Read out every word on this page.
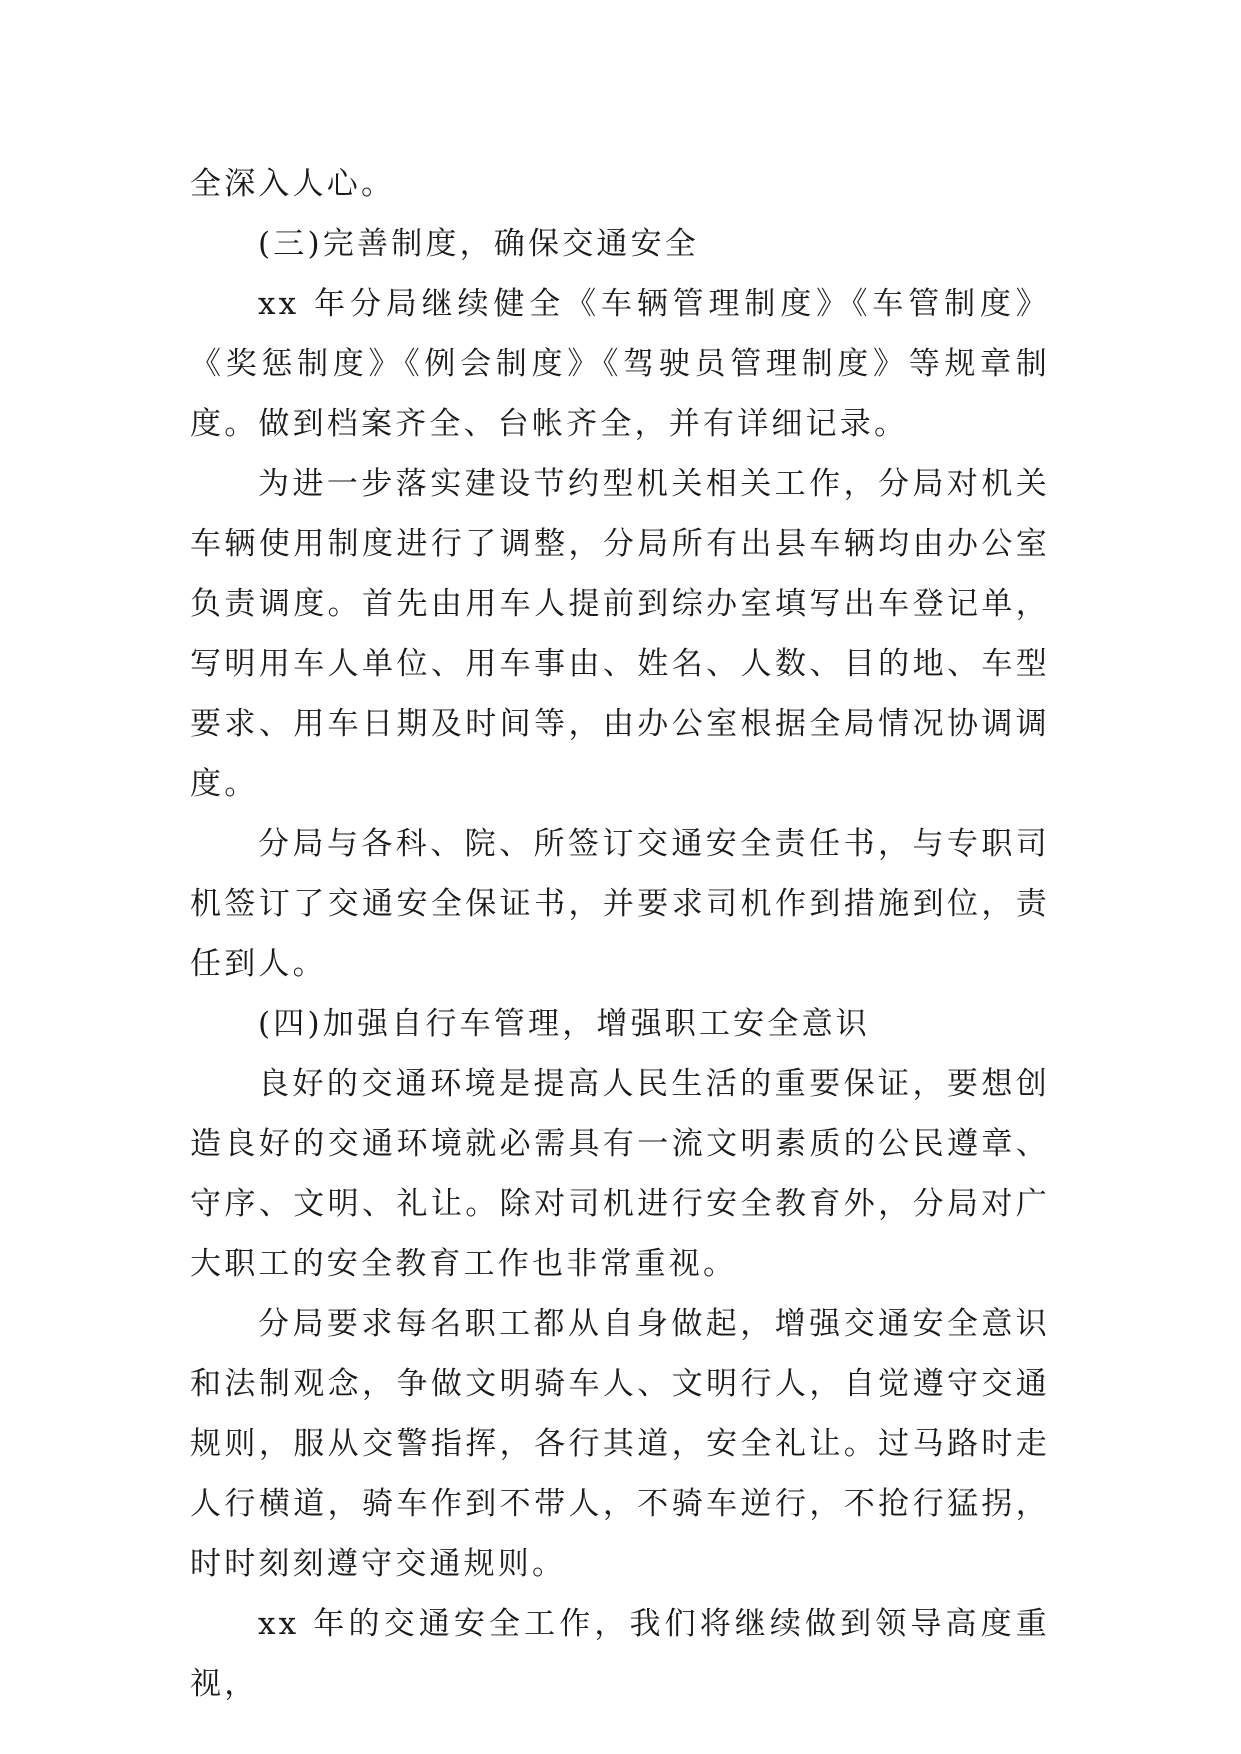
全深入人心。

(三)完善制度，确保交通安全

xx 年分局继续健全《车辆管理制度》《车管制度》《奖惩制度》《例会制度》《驾驶员管理制度》等规章制度。做到档案齐全、台帐齐全，并有详细记录。

为进一步落实建设节约型机关相关工作，分局对机关车辆使用制度进行了调整，分局所有出县车辆均由办公室负责调度。首先由用车人提前到综办室填写出车登记单，写明用车人单位、用车事由、姓名、人数、目的地、车型要求、用车日期及时间等，由办公室根据全局情况协调调度。

分局与各科、院、所签订交通安全责任书，与专职司机签订了交通安全保证书，并要求司机作到措施到位，责任到人。

(四)加强自行车管理，增强职工安全意识

良好的交通环境是提高人民生活的重要保证，要想创造良好的交通环境就必需具有一流文明素质的公民遵章、守序、文明、礼让。除对司机进行安全教育外，分局对广大职工的安全教育工作也非常重视。

分局要求每名职工都从自身做起，增强交通安全意识和法制观念，争做文明骑车人、文明行人，自觉遵守交通规则，服从交警指挥，各行其道，安全礼让。过马路时走人行横道，骑车作到不带人，不骑车逆行，不抢行猛拐，时时刻刻遵守交通规则。

xx 年的交通安全工作，我们将继续做到领导高度重视，
